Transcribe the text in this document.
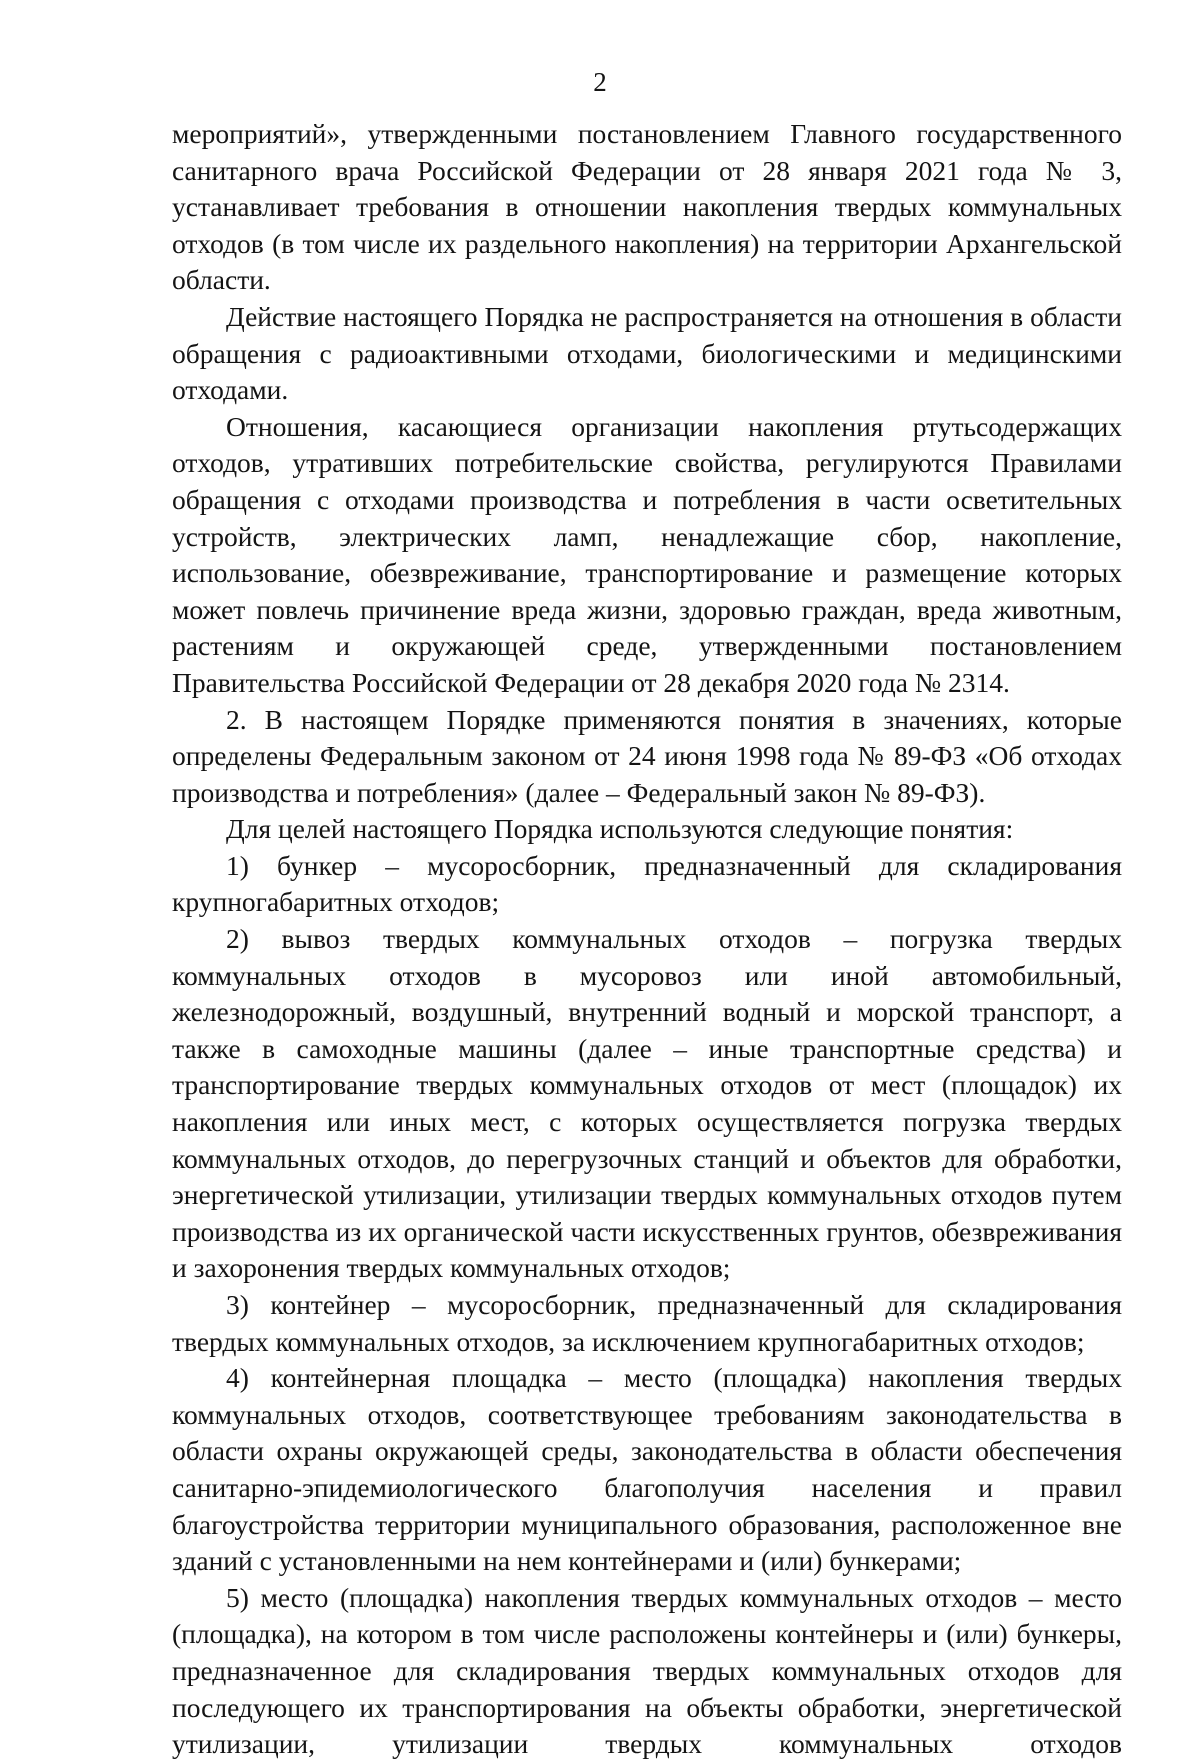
2

мероприятий», утвержденными постановлением Главного государственного санитарного врача Российской Федерации от 28 января 2021 года № 3, устанавливает требования в отношении накопления твердых коммунальных отходов (в том числе их раздельного накопления) на территории Архангельской области.

Действие настоящего Порядка не распространяется на отношения в области обращения с радиоактивными отходами, биологическими и медицинскими отходами.

Отношения, касающиеся организации накопления ртутьсодержащих отходов, утративших потребительские свойства, регулируются Правилами обращения с отходами производства и потребления в части осветительных устройств, электрических ламп, ненадлежащие сбор, накопление, использование, обезвреживание, транспортирование и размещение которых может повлечь причинение вреда жизни, здоровью граждан, вреда животным, растениям и окружающей среде, утвержденными постановлением Правительства Российской Федерации от 28 декабря 2020 года № 2314.

2. В настоящем Порядке применяются понятия в значениях, которые определены Федеральным законом от 24 июня 1998 года № 89-ФЗ «Об отходах производства и потребления» (далее – Федеральный закон № 89-ФЗ).

Для целей настоящего Порядка используются следующие понятия:

1) бункер – мусоросборник, предназначенный для складирования крупногабаритных отходов;

2) вывоз твердых коммунальных отходов – погрузка твердых коммунальных отходов в мусоровоз или иной автомобильный, железнодорожный, воздушный, внутренний водный и морской транспорт, а также в самоходные машины (далее – иные транспортные средства) и транспортирование твердых коммунальных отходов от мест (площадок) их накопления или иных мест, с которых осуществляется погрузка твердых коммунальных отходов, до перегрузочных станций и объектов для обработки, энергетической утилизации, утилизации твердых коммунальных отходов путем производства из их органической части искусственных грунтов, обезвреживания и захоронения твердых коммунальных отходов;

3) контейнер – мусоросборник, предназначенный для складирования твердых коммунальных отходов, за исключением крупногабаритных отходов;

4) контейнерная площадка – место (площадка) накопления твердых коммунальных отходов, соответствующее требованиям законодательства в области охраны окружающей среды, законодательства в области обеспечения санитарно-эпидемиологического благополучия населения и правил благоустройства территории муниципального образования, расположенное вне зданий с установленными на нем контейнерами и (или) бункерами;

5) место (площадка) накопления твердых коммунальных отходов – место (площадка), на котором в том числе расположены контейнеры и (или) бункеры, предназначенное для складирования твердых коммунальных отходов для последующего их транспортирования на объекты обработки, энергетической утилизации, утилизации твердых коммунальных отходов
